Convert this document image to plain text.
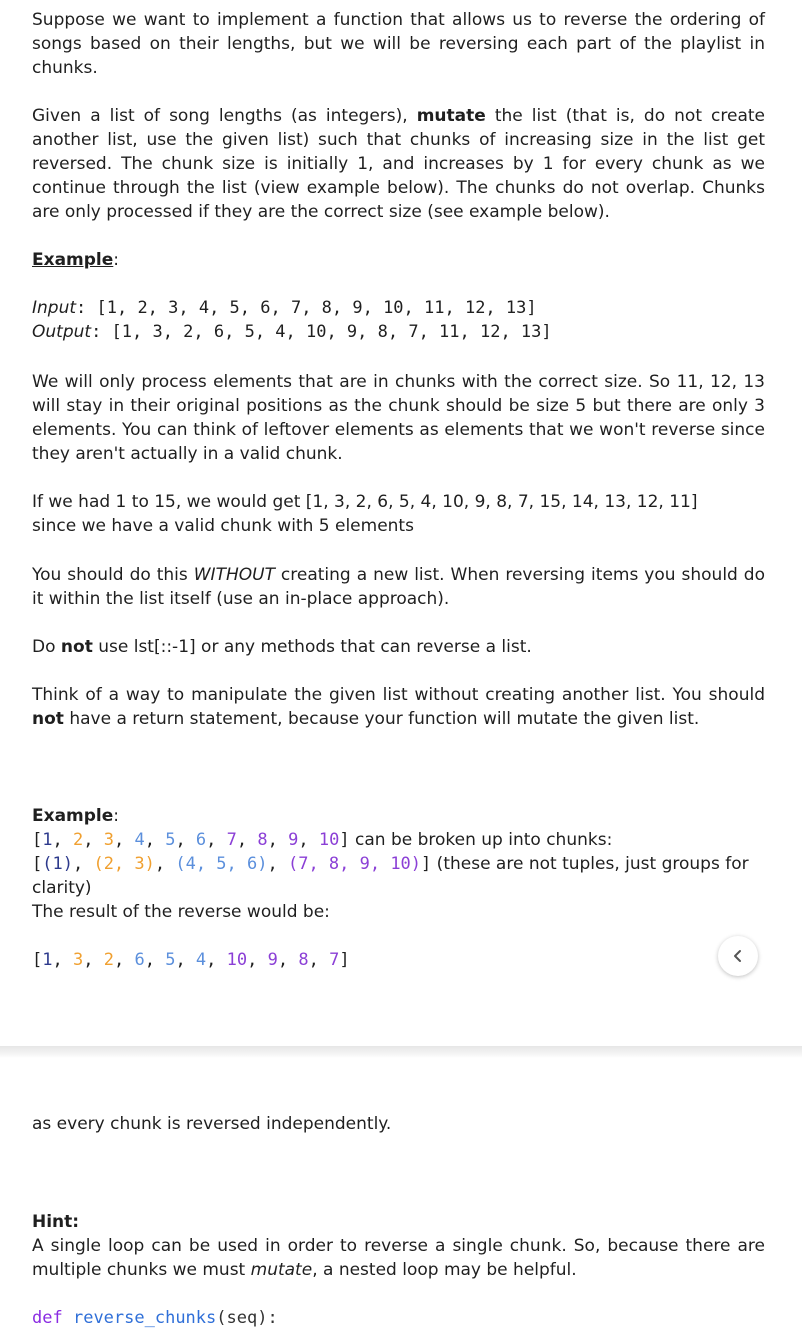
Suppose we want to implement a function that allows us to reverse the ordering of songs based on their lengths, but we will be reversing each part of the playlist in chunks.

Given a list of song lengths (as integers), mutate the list (that is, do not create another list, use the given list) such that chunks of increasing size in the list get reversed. The chunk size is initially 1, and increases by 1 for every chunk as we continue through the list (view example below). The chunks do not overlap. Chunks are only processed if they are the correct size (see example below).

Example:

Input: [1, 2, 3, 4, 5, 6, 7, 8, 9, 10, 11, 12, 13]

Output: [1, 3, 2, 6, 5, 4, 10, 9, 8, 7, 11, 12, 13]

We will only process elements that are in chunks with the correct size. So 11, 12, 13 will stay in their original positions as the chunk should be size 5 but there are only 3 elements. You can think of leftover elements as elements that we won't reverse since they aren't actually in a valid chunk.

If we had 1 to 15, we would get [1, 3, 2, 6, 5, 4, 10, 9, 8, 7, 15, 14, 13, 12, 11]
since we have a valid chunk with 5 elements

You should do this WITHOUT creating a new list. When reversing items you should do it within the list itself (use an in-place approach).

Do not use lst[::-1] or any methods that can reverse a list.

Think of a way to manipulate the given list without creating another list. You should not have a return statement, because your function will mutate the given list.

Example:

[1, 2, 3, 4, 5, 6, 7, 8, 9, 10] can be broken up into chunks:

[(1), (2, 3), (4, 5, 6), (7, 8, 9, 10)] (these are not tuples, just groups for clarity)

The result of the reverse would be:

[1, 3, 2, 6, 5, 4, 10, 9, 8, 7]

as every chunk is reversed independently.

Hint:

A single loop can be used in order to reverse a single chunk. So, because there are multiple chunks we must mutate, a nested loop may be helpful.

def reverse_chunks(seq):
